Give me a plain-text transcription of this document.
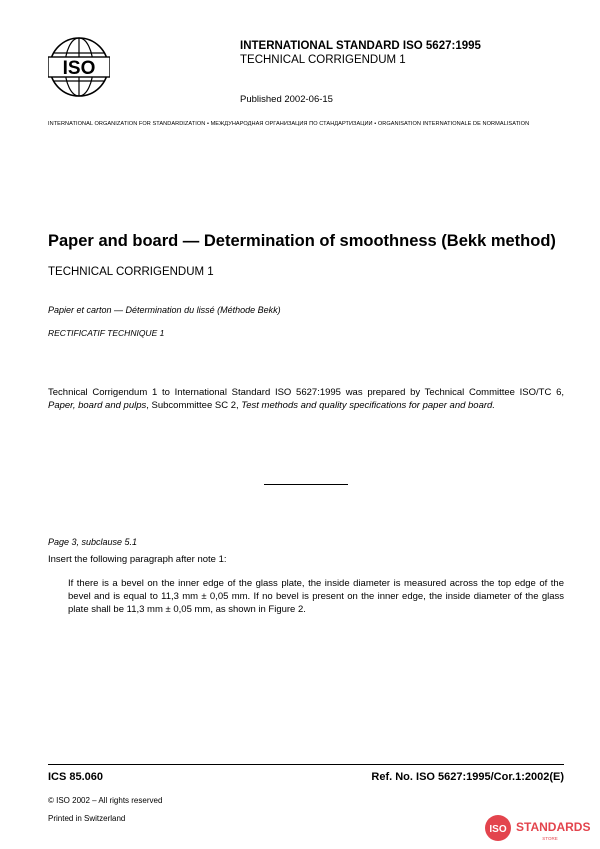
ISO
INTERNATIONAL STANDARD ISO 5627:1995
TECHNICAL CORRIGENDUM 1
Published 2002-06-15
INTERNATIONAL ORGANIZATION FOR STANDARDIZATION • МЕЖДУНАРОДНАЯ ОРГАНИЗАЦИЯ ПО СТАНДАРТИЗАЦИИ • ORGANISATION INTERNATIONALE DE NORMALISATION
Paper and board — Determination of smoothness (Bekk method)
TECHNICAL CORRIGENDUM 1
Papier et carton — Détermination du lissé (Méthode Bekk)
RECTIFICATIF TECHNIQUE 1
Technical Corrigendum 1 to International Standard ISO 5627:1995 was prepared by Technical Committee ISO/TC 6, Paper, board and pulps, Subcommittee SC 2, Test methods and quality specifications for paper and board.
Page 3, subclause 5.1
Insert the following paragraph after note 1:
If there is a bevel on the inner edge of the glass plate, the inside diameter is measured across the top edge of the bevel and is equal to 11,3 mm ± 0,05 mm. If no bevel is present on the inner edge, the inside diameter of the glass plate shall be 11,3 mm ± 0,05 mm, as shown in Figure 2.
ICS 85.060	Ref. No. ISO 5627:1995/Cor.1:2002(E)
© ISO 2002 – All rights reserved
Printed in Switzerland
ISO STANDARDS
STORE
